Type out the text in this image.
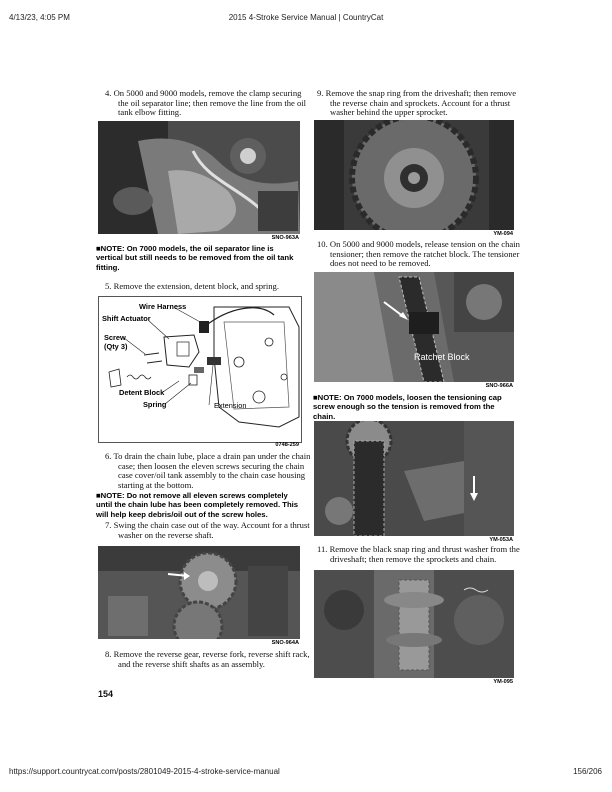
4/13/23, 4:05 PM	2015 4-Stroke Service Manual | CountryCat
https://support.countrycat.com/posts/2801049-2015-4-stroke-service-manual	156/206

4. On 5000 and 9000 models, remove the clamp securing the oil separator line; then remove the line from the oil tank elbow fitting.

SNO-963A

■NOTE: On 7000 models, the oil separator line is vertical but still needs to be removed from the oil tank fitting.

5. Remove the extension, detent block, and spring.

Wire Harness
Shift Actuator
Screw
(Qty 3)
Detent Block
Spring	Extension
0748-259

6. To drain the chain lube, place a drain pan under the chain case; then loosen the eleven screws securing the chain case cover/oil tank assembly to the chain case housing starting at the bottom.

■NOTE: Do not remove all eleven screws completely until the chain lube has been completely removed. This will help keep debris/oil out of the screw holes.

7. Swing the chain case out of the way. Account for a thrust washer on the reverse shaft.

SNO-964A

8. Remove the reverse gear, reverse fork, reverse shift rack, and the reverse shift shafts as an assembly.

154

9. Remove the snap ring from the driveshaft; then remove the reverse chain and sprockets. Account for a thrust washer behind the upper sprocket.

YM-094

10. On 5000 and 9000 models, release tension on the chain tensioner; then remove the ratchet block. The tensioner does not need to be removed.

Ratchet Block
SNO-966A

■NOTE: On 7000 models, loosen the tensioning cap screw enough so the tension is removed from the chain.

YM-053A

11. Remove the black snap ring and thrust washer from the driveshaft; then remove the sprockets and chain.

YM-095
